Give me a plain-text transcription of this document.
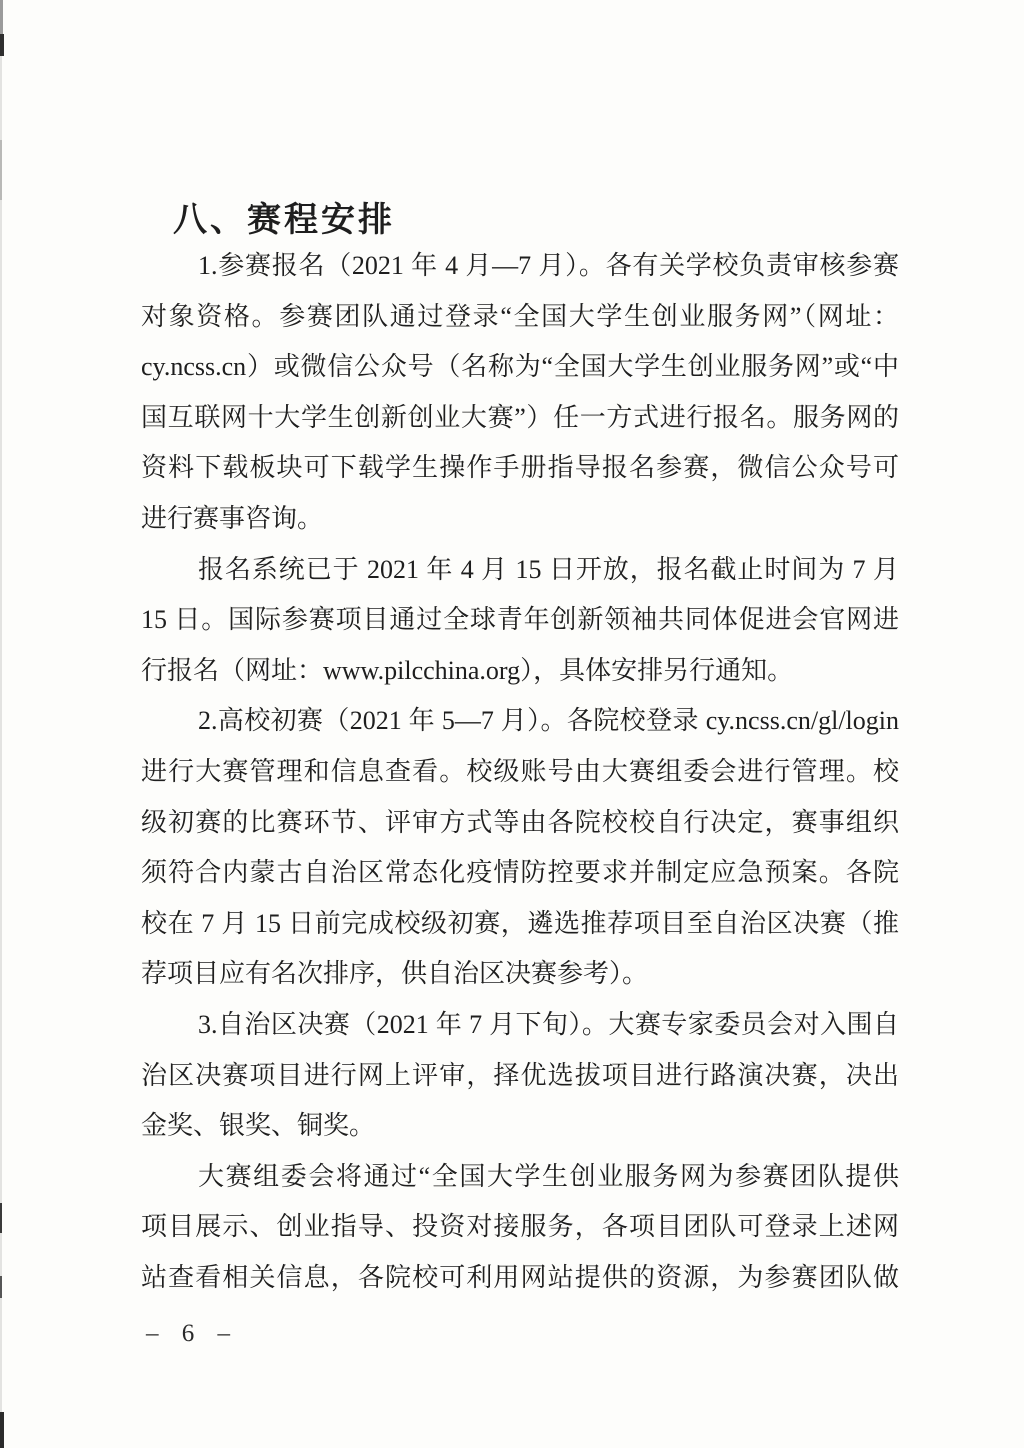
八、赛程安排
1.参赛报名（2021 年 4 月—7 月）。各有关学校负责审核参赛
对象资格。参赛团队通过登录“全国大学生创业服务网”（网址：
cy.ncss.cn）或微信公众号（名称为“全国大学生创业服务网”或“中
国互联网十大学生创新创业大赛”）任一方式进行报名。服务网的
资料下载板块可下载学生操作手册指导报名参赛，微信公众号可
进行赛事咨询。
报名系统已于 2021 年 4 月 15 日开放，报名截止时间为 7 月
15 日。国际参赛项目通过全球青年创新领袖共同体促进会官网进
行报名（网址：www.pilcchina.org），具体安排另行通知。
2.高校初赛（2021 年 5—7 月）。各院校登录 cy.ncss.cn/gl/login
进行大赛管理和信息查看。校级账号由大赛组委会进行管理。校
级初赛的比赛环节、评审方式等由各院校校自行决定，赛事组织
须符合内蒙古自治区常态化疫情防控要求并制定应急预案。各院
校在 7 月 15 日前完成校级初赛，遴选推荐项目至自治区决赛（推
荐项目应有名次排序，供自治区决赛参考）。
3.自治区决赛（2021 年 7 月下旬）。大赛专家委员会对入围自
治区决赛项目进行网上评审，择优选拔项目进行路演决赛，决出
金奖、银奖、铜奖。
大赛组委会将通过“全国大学生创业服务网为参赛团队提供
项目展示、创业指导、投资对接服务，各项目团队可登录上述网
站查看相关信息，各院校可利用网站提供的资源，为参赛团队做
– 6 –
